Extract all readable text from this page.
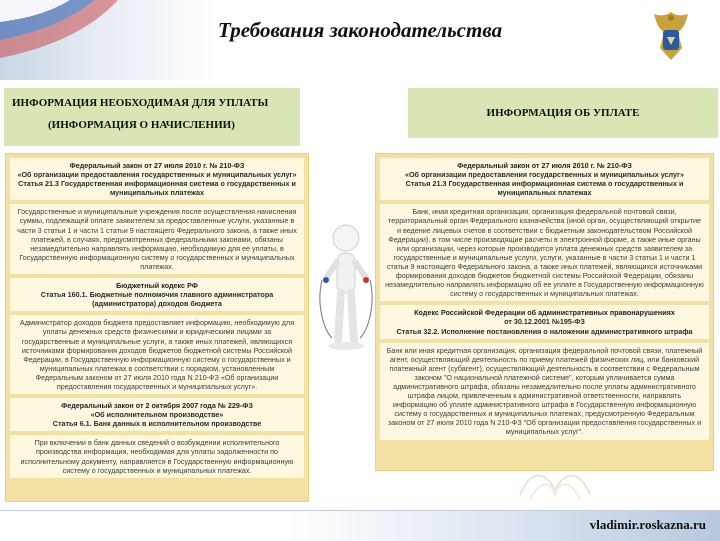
Требования законодательства
ИНФОРМАЦИЯ НЕОБХОДИМАЯ ДЛЯ УПЛАТЫ
(ИНФОРМАЦИЯ О НАЧИСЛЕНИИ)
ИНФОРМАЦИЯ ОБ УПЛАТЕ
Федеральный закон от 27 июля 2010 г. № 210-ФЗ
«Об организации предоставления государственных и муниципальных услуг»
Статья 21.3 Государственная информационная система о государственных и муниципальных платежах
Государственные и муниципальные учреждения после осуществления начисления суммы, подлежащей оплате заявителем за предоставленные услуги, указанные в части 3 статьи 1 и части 1 статьи 9 настоящего Федерального закона, а также иных платежей, в случаях, предусмотренных федеральными законами, обязаны незамедлительно направлять информацию, необходимую для ее уплаты, в Государственную информационную систему о государственных и муниципальных платежах.
Бюджетный кодекс РФ
Статья 160.1. Бюджетные полномочия главного администратора (администратора) доходов бюджета
Администратор доходов бюджета предоставляет информацию, необходимую для уплаты денежных средств физическими и юридическими лицами за государственные и муниципальные услуги, а также иных платежей, являющихся источниками формирования доходов бюджетов бюджетной системы Российской Федерации, в Государственную информационную систему о государственных и муниципальных платежах в соответствии с порядком, установленным Федеральным законом от 27 июля 2010 года N 210-ФЗ «Об организации предоставления государственных и муниципальных услуг».
Федеральный закон от 2 октября 2007 года № 229-ФЗ
«Об исполнительном производстве»
Статья 6.1. Банк данных в исполнительном производстве
При включении в банк данных сведений о возбуждении исполнительного производства информация, необходимая для уплаты задолженности по исполнительному документу, направляется в Государственную информационную систему о государственных и муниципальных платежах.
Федеральный закон от 27 июля 2010 г. № 210-ФЗ
«Об организации предоставления государственных и муниципальных услуг»
Статья 21.3 Государственная информационная система о государственных и муниципальных платежах
Банк, иная кредитная организация, организация федеральной почтовой связи, территориальный орган Федерального казначейства (иной орган, осуществляющий открытие и ведение лицевых счетов в соответствии с бюджетным законодательством Российской Федерации), в том числе производящие расчеты в электронной форме, а также иные органы или организации, через которые производится уплата денежных средств заявителем за государственные и муниципальные услуги, услуги, указанные в части 3 статьи 1 и части 1 статьи 9 настоящего Федерального закона, а также иных платежей, являющихся источниками формирования доходов бюджетов бюджетной системы Российской Федерации, обязаны незамедлительно направлять информацию об ее уплате в Государственную информационную систему о государственных и муниципальных платежах.
Кодекс Российской Федерации об административных правонарушениях
от 30.12.2001 №195-ФЗ
Статья 32.2. Исполнение постановления о наложении административного штрафа
Банк или иная кредитная организация, организация федеральной почтовой связи, платежный агент, осуществляющий деятельность по приему платежей физических лиц, или банковский платежный агент (субагент), осуществляющий деятельность в соответствии с Федеральным законом "О национальной платежной системе", которым уплачивается сумма административного штрафа, обязаны незамедлительно после уплаты административного штрафа лицом, привлеченным к административной ответственности, направлять информацию об уплате административного штрафа в Государственную информационную систему о государственных и муниципальных платежах, предусмотренную Федеральным законом от 27 июля 2010 года N 210-ФЗ "Об организации предоставления государственных и муниципальных услуг".
vladimir.roskazna.ru
